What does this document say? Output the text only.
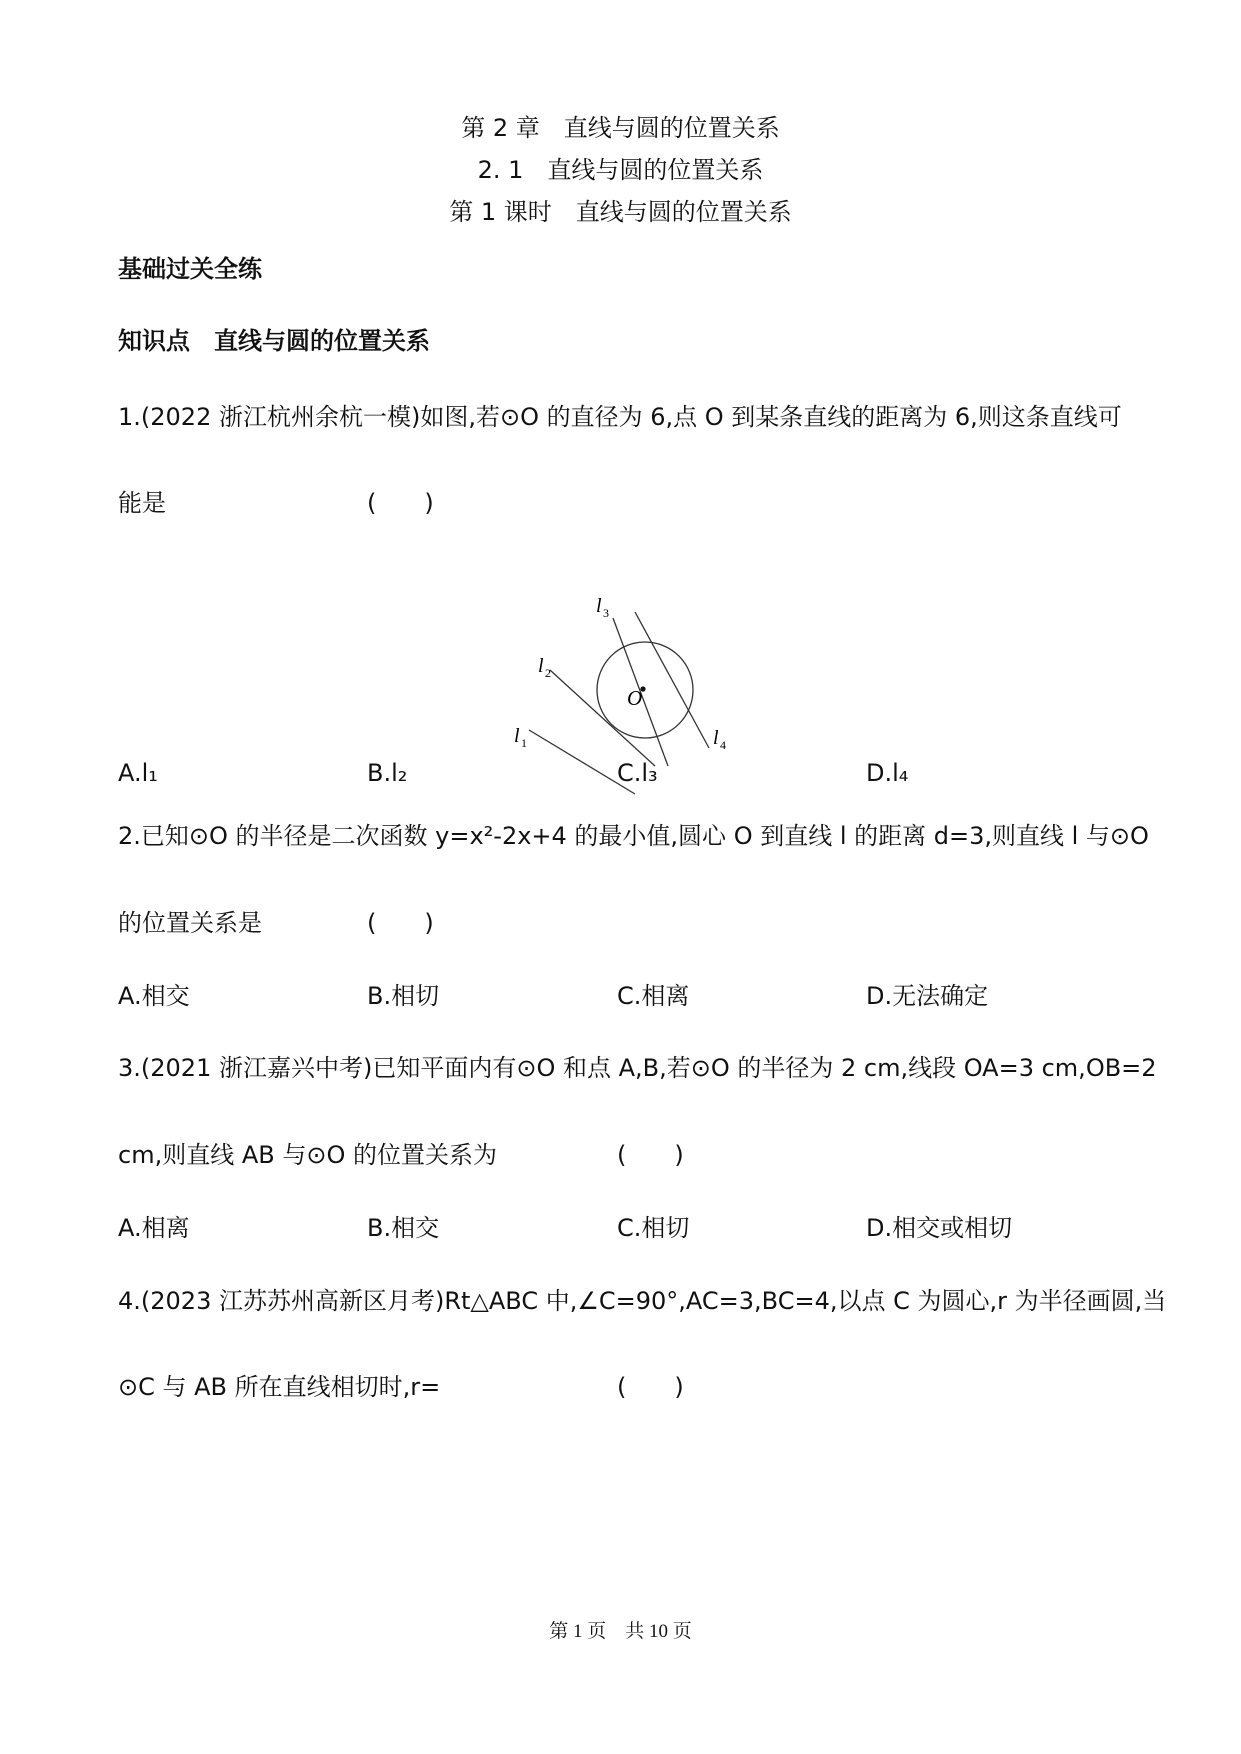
第 2 章　直线与圆的位置关系
2. 1　直线与圆的位置关系
第 1 课时　直线与圆的位置关系
基础过关全练
知识点　直线与圆的位置关系
1.(2022 浙江杭州余杭一模)如图,若⊙O 的直径为 6,点 O 到某条直线的距离为 6,则这条直线可
能是	(　　)
O
l 1
l 2
l 3
l 4
A.l₁	B.l₂	C.l₃	D.l₄
2.已知⊙O 的半径是二次函数 y=x²-2x+4 的最小值,圆心 O 到直线 l 的距离 d=3,则直线 l 与⊙O
的位置关系是	(　　)
A.相交	B.相切	C.相离	D.无法确定
3.(2021 浙江嘉兴中考)已知平面内有⊙O 和点 A,B,若⊙O 的半径为 2 cm,线段 OA=3 cm,OB=2
cm,则直线 AB 与⊙O 的位置关系为	(　　)
A.相离	B.相交	C.相切	D.相交或相切
4.(2023 江苏苏州高新区月考)Rt△ABC 中,∠C=90°,AC=3,BC=4,以点 C 为圆心,r 为半径画圆,当
⊙C 与 AB 所在直线相切时,r=	(　　)
第 1 页　共 10 页
